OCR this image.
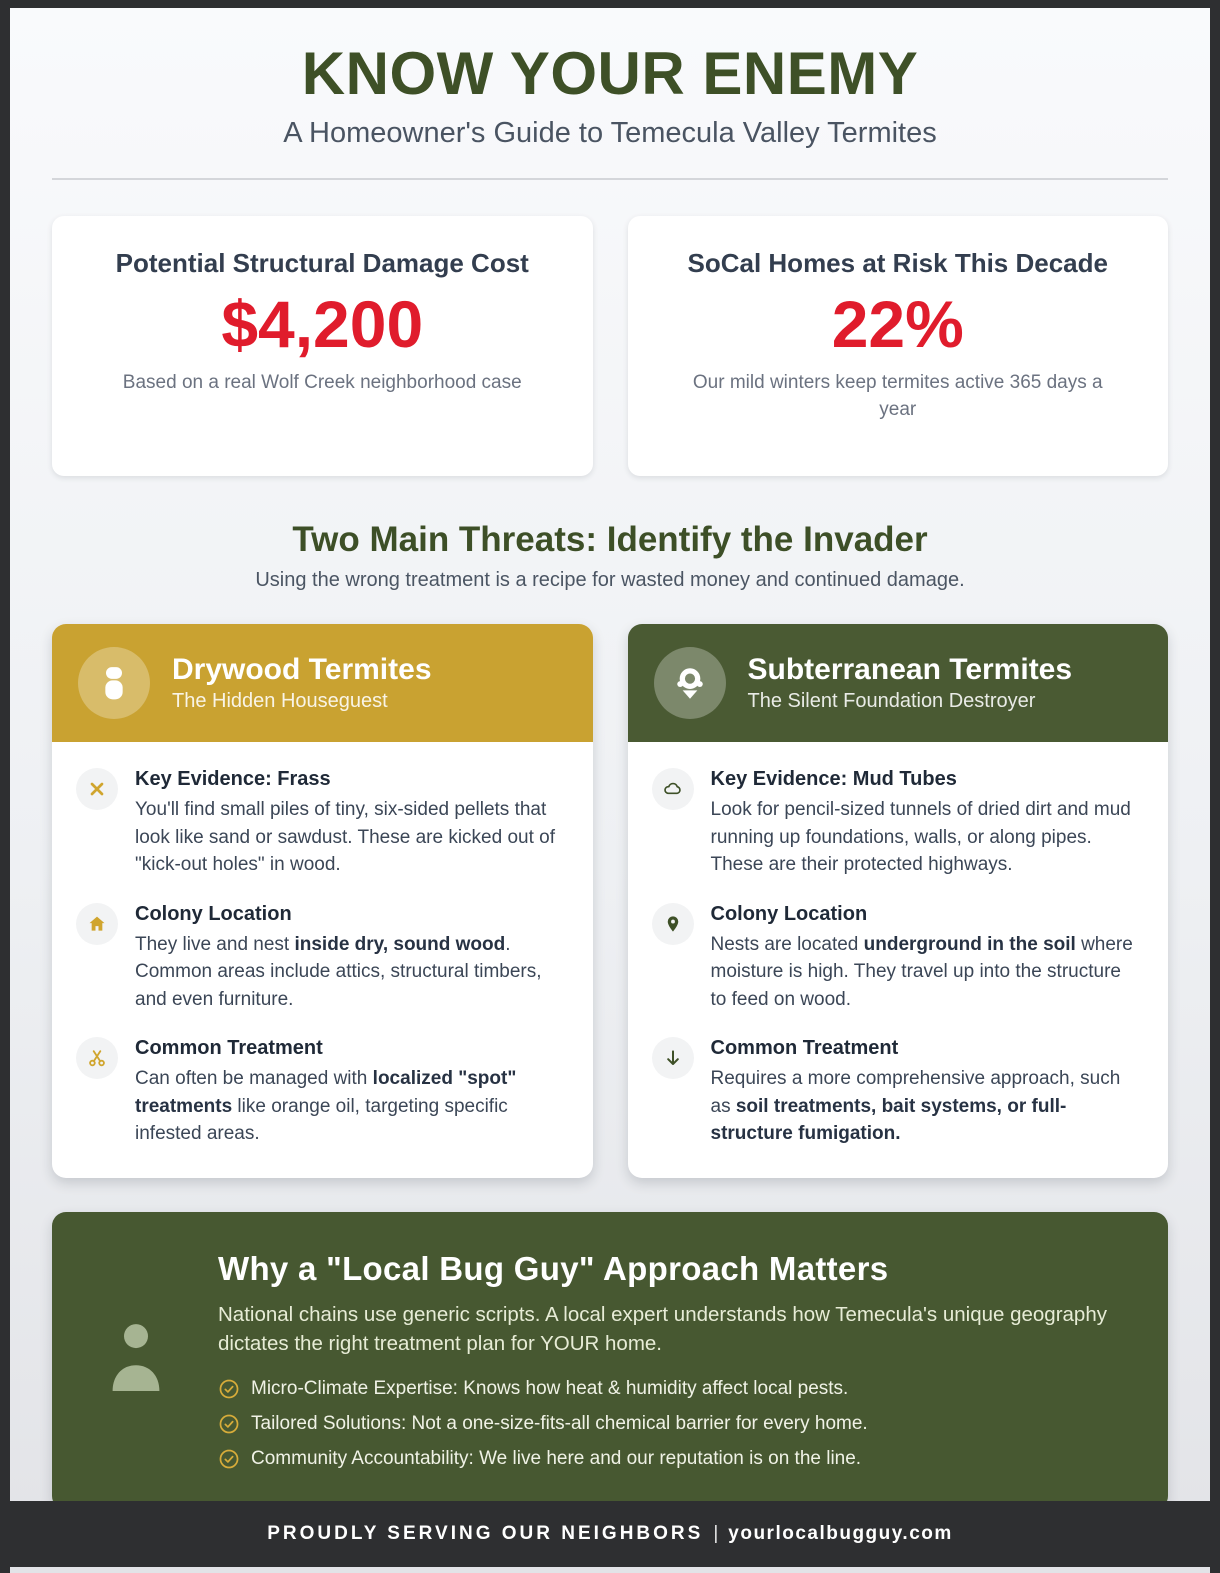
KNOW YOUR ENEMY

A Homeowner's Guide to Temecula Valley Termites

Potential Structural Damage Cost
$4,200

Based on a real Wolf Creek neighborhood case

SoCal Homes at Risk This Decade
22%

Our mild winters keep termites active 365 days a year

Two Main Threats: Identify the Invader

Using the wrong treatment is a recipe for wasted money and continued damage.

Drywood Termites

The Hidden Houseguest

Key Evidence: Frass

You'll find small piles of tiny, six-sided pellets that look like sand or sawdust. These are kicked out of "kick-out holes" in wood.

Colony Location

They live and nest inside dry, sound wood. Common areas include attics, structural timbers, and even furniture.

Common Treatment

Can often be managed with localized "spot" treatments like orange oil, targeting specific infested areas.

Subterranean Termites

The Silent Foundation Destroyer

Key Evidence: Mud Tubes

Look for pencil-sized tunnels of dried dirt and mud running up foundations, walls, or along pipes. These are their protected highways.

Colony Location

Nests are located underground in the soil where moisture is high. They travel up into the structure to feed on wood.

Common Treatment

Requires a more comprehensive approach, such as soil treatments, bait systems, or full-structure fumigation.

Why a "Local Bug Guy" Approach Matters

National chains use generic scripts. A local expert understands how Temecula's unique geography dictates the right treatment plan for YOUR home.

Micro-Climate Expertise: Knows how heat & humidity affect local pests.
Tailored Solutions: Not a one-size-fits-all chemical barrier for every home.
Community Accountability: We live here and our reputation is on the line.
PROUDLY SERVING OUR NEIGHBORS | yourlocalbugguy.com
